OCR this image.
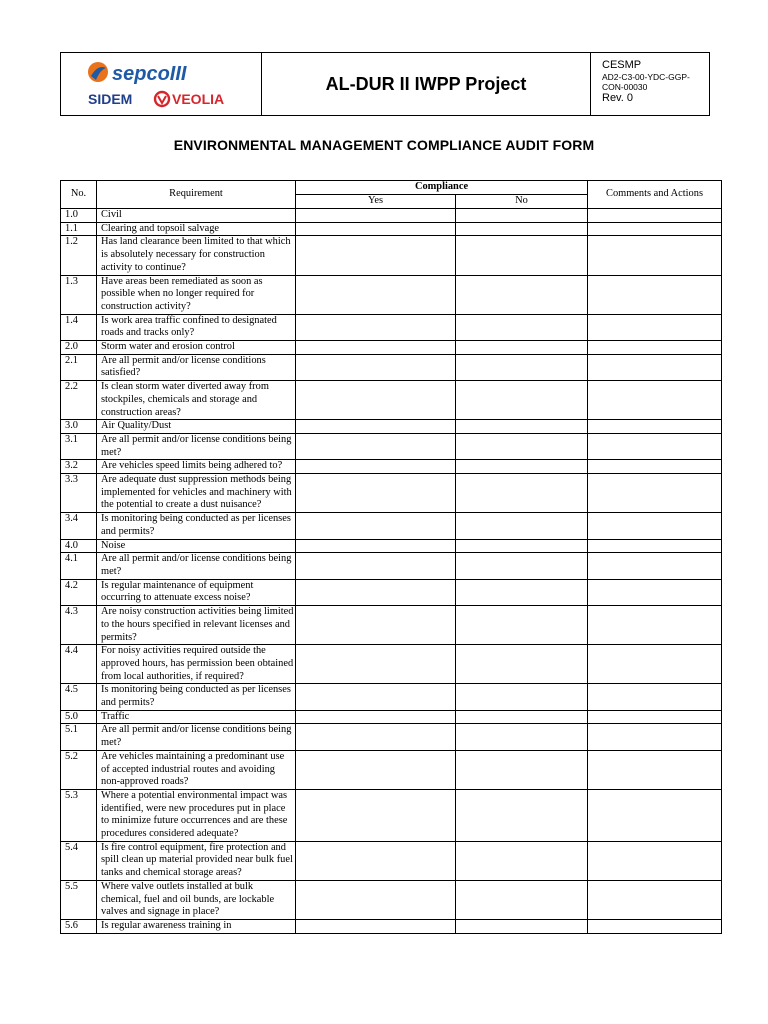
sepcoIII
SIDEM	VEOLIA
AL-DUR II IWPP Project
CESMP
AD2-C3-00-YDC-GGP-CON-00030
Rev. 0
ENVIRONMENTAL MANAGEMENT COMPLIANCE AUDIT FORM
No.	Requirement	Compliance		Comments and Actions
		Yes	No	
1.0	Civil			
1.1	Clearing and topsoil salvage			
1.2	Has land clearance been limited to that which is absolutely necessary for construction activity to continue?			
1.3	Have areas been remediated as soon as possible when no longer required for construction activity?			
1.4	Is work area traffic confined to designated roads and tracks only?			
2.0	Storm water and erosion control			
2.1	Are all permit and/or license conditions satisfied?			
2.2	Is clean storm water diverted away from stockpiles, chemicals and storage and construction areas?			
3.0	Air Quality/Dust			
3.1	Are all permit and/or license conditions being met?			
3.2	Are vehicles speed limits being adhered to?			
3.3	Are adequate dust suppression methods being implemented for vehicles and machinery with the potential to create a dust nuisance?			
3.4	Is monitoring being conducted as per licenses and permits?			
4.0	Noise			
4.1	Are all permit and/or license conditions being met?			
4.2	Is regular maintenance of equipment occurring to attenuate excess noise?			
4.3	Are noisy construction activities being limited to the hours specified in relevant licenses and permits?			
4.4	For noisy activities required outside the approved hours, has permission been obtained from local authorities, if required?			
4.5	Is monitoring being conducted as per licenses and permits?			
5.0	Traffic			
5.1	Are all permit and/or license conditions being met?			
5.2	Are vehicles maintaining a predominant use of accepted industrial routes and avoiding non-approved roads?			
5.3	Where a potential environmental impact was identified, were new procedures put in place to minimize future occurrences and are these procedures considered adequate?			
5.4	Is fire control equipment, fire protection and spill clean up material provided near bulk fuel tanks and chemical storage areas?			
5.5	Where valve outlets installed at bulk chemical, fuel and oil bunds, are lockable valves and signage in place?			
5.6	Is regular awareness training in			
